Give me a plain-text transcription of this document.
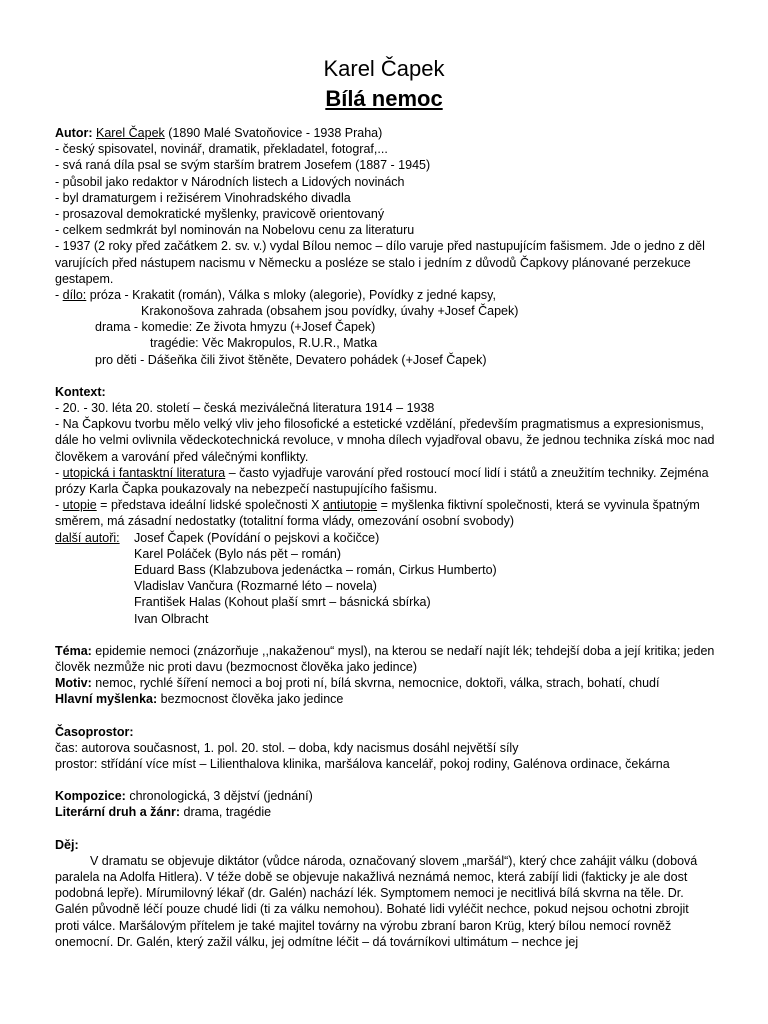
Karel Čapek
Bílá nemoc
Autor: Karel Čapek (1890 Malé Svatoňovice - 1938 Praha)
- český spisovatel, novinář, dramatik, překladatel, fotograf,...
- svá raná díla psal se svým starším bratrem Josefem (1887 - 1945)
- působil jako redaktor v Národních listech a Lidových novinách
- byl dramaturgem i režisérem Vinohradského divadla
- prosazoval demokratické myšlenky, pravicově orientovaný
- celkem sedmkrát byl nominován na Nobelovu cenu za literaturu
- 1937 (2 roky před začátkem 2. sv. v.) vydal Bílou nemoc – dílo varuje před nastupujícím fašismem. Jde o jedno z děl varujících před nástupem nacismu v Německu a posléze se stalo i jedním z důvodů Čapkovy plánované perzekuce gestapem.
- dílo: próza - Krakatit (román), Válka s mloky (alegorie), Povídky z jedné kapsy,
Krakonošova zahrada (obsahem jsou povídky, úvahy +Josef Čapek)
drama - komedie: Ze života hmyzu (+Josef Čapek)
tragédie: Věc Makropulos, R.U.R., Matka
pro děti - Dášeňka čili život štěněte, Devatero pohádek (+Josef Čapek)
Kontext:
- 20. - 30. léta 20. století – česká meziválečná literatura 1914 – 1938
- Na Čapkovu tvorbu mělo velký vliv jeho filosofické a estetické vzdělání, především pragmatismus a expresionismus, dále ho velmi ovlivnila vědeckotechnická revoluce, v mnoha dílech vyjadřoval obavu, že jednou technika získá moc nad člověkem a varování před válečnými konflikty.
- utopická i fantasktní literatura – často vyjadřuje varování před rostoucí mocí lidí i států a zneužitím techniky. Zejména prózy Karla Čapka poukazovaly na nebezpečí nastupujícího fašismu.
- utopie = představa ideální lidské společnosti X antiutopie = myšlenka fiktivní společnosti, která se vyvinula špatným směrem, má zásadní nedostatky (totalitní forma vlády, omezování osobní svobody)
další autoři:	Josef Čapek (Povídání o pejskovi a kočičce)
Karel Poláček (Bylo nás pět – román)
Eduard Bass (Klabzubova jedenáctka – román, Cirkus Humberto)
Vladislav Vančura (Rozmarné léto – novela)
František Halas (Kohout plaší smrt – básnická sbírka)
Ivan Olbracht
Téma: epidemie nemoci (znázorňuje ,,nakaženou“ mysl), na kterou se nedaří najít lék; tehdejší doba a její kritika; jeden člověk nezmůže nic proti davu (bezmocnost člověka jako jedince)
Motiv: nemoc, rychlé šíření nemoci a boj proti ní, bílá skvrna, nemocnice, doktoři, válka, strach, bohatí, chudí
Hlavní myšlenka: bezmocnost člověka jako jedince
Časoprostor:
čas: autorova současnost, 1. pol. 20. stol. – doba, kdy nacismus dosáhl největší síly
prostor: střídání více míst – Lilienthalova klinika, maršálova kancelář, pokoj rodiny, Galénova ordinace, čekárna
Kompozice: chronologická, 3 dějství (jednání)
Literární druh a žánr: drama, tragédie
Děj:
V dramatu se objevuje diktátor (vůdce národa, označovaný slovem „maršál“), který chce zahájit válku (dobová paralela na Adolfa Hitlera). V téže době se objevuje nakažlivá neznámá nemoc, která zabíjí lidi (fakticky je ale dost podobná lepře). Mírumilovný lékař (dr. Galén) nachází lék. Symptomem nemoci je necitlivá bílá skvrna na těle. Dr. Galén původně léčí pouze chudé lidi (ti za válku nemohou). Bohaté lidi vyléčit nechce, pokud nejsou ochotni zbrojit proti válce. Maršálovým přítelem je také majitel továrny na výrobu zbraní baron Krüg, který bílou nemocí rovněž onemocní. Dr. Galén, který zažil válku, jej odmítne léčit – dá továrníkovi ultimátum – nechce jej
